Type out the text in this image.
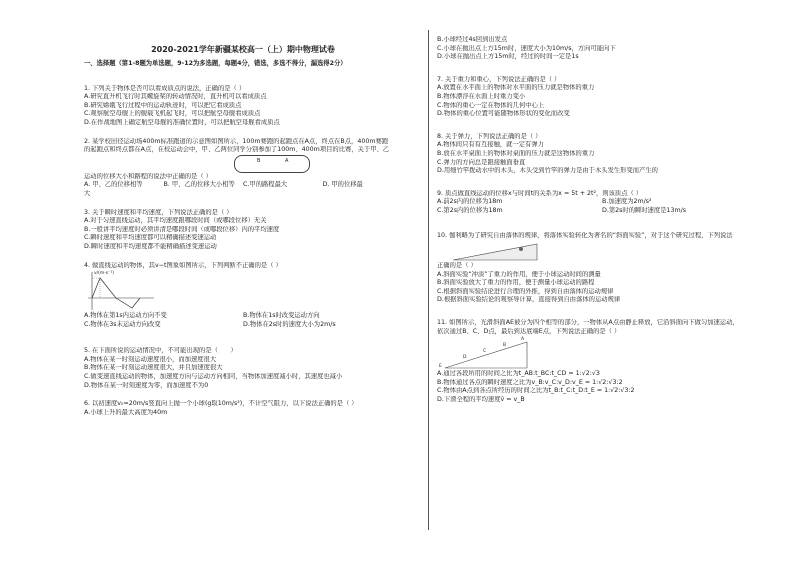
2020-2021学年新疆某校高一（上）期中物理试卷
一、选择题（第1-8题为单选题，9-12为多选题，每题4分，错选，多选不得分，漏选得2分）
1. 下列关于物体是否可以看成质点的说法，正确的是（ ）
A.研究直升机飞行时其螺旋桨的转动情况时，直升机可以看成质点
B.研究嫦娥飞行过程中的运动轨迹时，可以把它看成质点
C.观察航空母舰上的舰载飞机起飞时，可以把航空母舰看成质点
D.在作战地图上确定航空母舰的准确位置时，可以把航空母舰看成质点
2. 某学校田径运动场400m标准跑道的示意图如图所示，100m赛跑的起跑点在A点，终点在B点，400m赛跑
的起跑点和终点都在A点，在校运动会中，甲、乙两位同学分别参加了100m、400m项目的比赛，关于甲、乙
B	A
运动的位移大小和路程的说法中正确的是（ ）
A. 甲、乙的位移相等	B. 甲、乙的位移大小相等	C.甲的路程最大	D. 甲的位移最
大
3. 关于瞬时速度和平均速度，下列说法正确的是（ ）
A.对于匀速直线运动，其平均速度跟哪段时间（或哪段位移）无关
B.一般讲平均速度时必须讲清是哪段时间（或哪段位移）内的平均速度
C.瞬时速度和平均速度都可以精确描述变速运动
D.瞬时速度和平均速度都不能精确描述变速运动
4. 做直线运动的物体，其v−t图象如图所示，下列判断不正确的是（ ）
v/(m·s⁻¹)
A.物体在第1s内运动方向不变	B.物体在1s时改变运动方向
C.物体在3s末运动方向改变	D.物体在2s时的速度大小为2m/s
5. 在下面所说的运动情况中，不可能出现的是（　　）
A.物体在某一时刻运动速度很小，而加速度很大
B.物体在某一时刻运动速度很大，并且加速度很大
C.做变速直线运动的物体，加速度方向与运动方向相同，当物体加速度减小时，其速度也减小
D.物体在某一时刻速度为零，而加速度不为0
6. 以初速度v₀=20m/s竖直向上抛一个小球(g取10m/s²)，不计空气阻力，以下说法正确的是（ ）
A.小球上升的最大高度为40m
B.小球经过4s回到出发点
C.小球在抛出点上方15m时，速度大小为10m/s，方向可能向下
D.小球在抛出点上方15m时，经过的时间一定是1s
7. 关于重力和重心，下列说法正确的是（ ）
A.放置在水平面上的物体对水平面的压力就是物体的重力
B.物体漂浮在水面上时重力变小
C.物体的重心一定在物体的几何中心上
D.物体的重心位置可能随物体形状的变化而改变
8. 关于弹力，下列说法正确的是（ ）
A.物体间只有有互接触，就一定有弹力
B.放在水平桌面上的物体对桌面的压力就是这物体的重力
C.弹力的方向总是跟接触面垂直
D.用细竹竿拨动水中的木头，木头受到竹竿的弹力是由于木头发生形变而产生的
9. 质点做直线运动的位移x与时间t的关系为x = 5t + 2t²，则该质点（ ）
A.前2s内的位移为18m	B.加速度为2m/s²
C.第2s内的位移为18m	D.第2s时的瞬时速度是13m/s
10. 伽利略为了研究自由落体的规律，将落体实验转化为著名的“斜面实验”，对于这个研究过程，下列说法
正确的是（ ）
A.斜面实验“冲淡”了重力的作用，便于小球运动时间的测量
B.斜面实验放大了重力的作用，便于测量小球运动的路程
C.根据斜面实验结论进行合理的外推，得到自由落体的运动规律
D.根据斜面实验结论的观察导计算，直接得到自由落体的运动规律
11. 如图所示，光滑斜面AE被分为四个相等的部分，一物体从A点由静止释放，它沿斜面向下做匀加速运动，
依次通过B、C、D点，最后到达底端E点，下列说法正确的是（ ）
A
B
C
D
E
A.通过各段所用的时间之比为t_AB:t_BC:t_CD = 1:√2:√3
B.物体通过各点的瞬时速度之比为v_B:v_C:v_D:v_E = 1:√2:√3:2
C.物体由A点到各点所经历的时间之比为t_B:t_C:t_D:t_E = 1:√2:√3:2
D.下滑全程的平均速度v̄ = v_B
